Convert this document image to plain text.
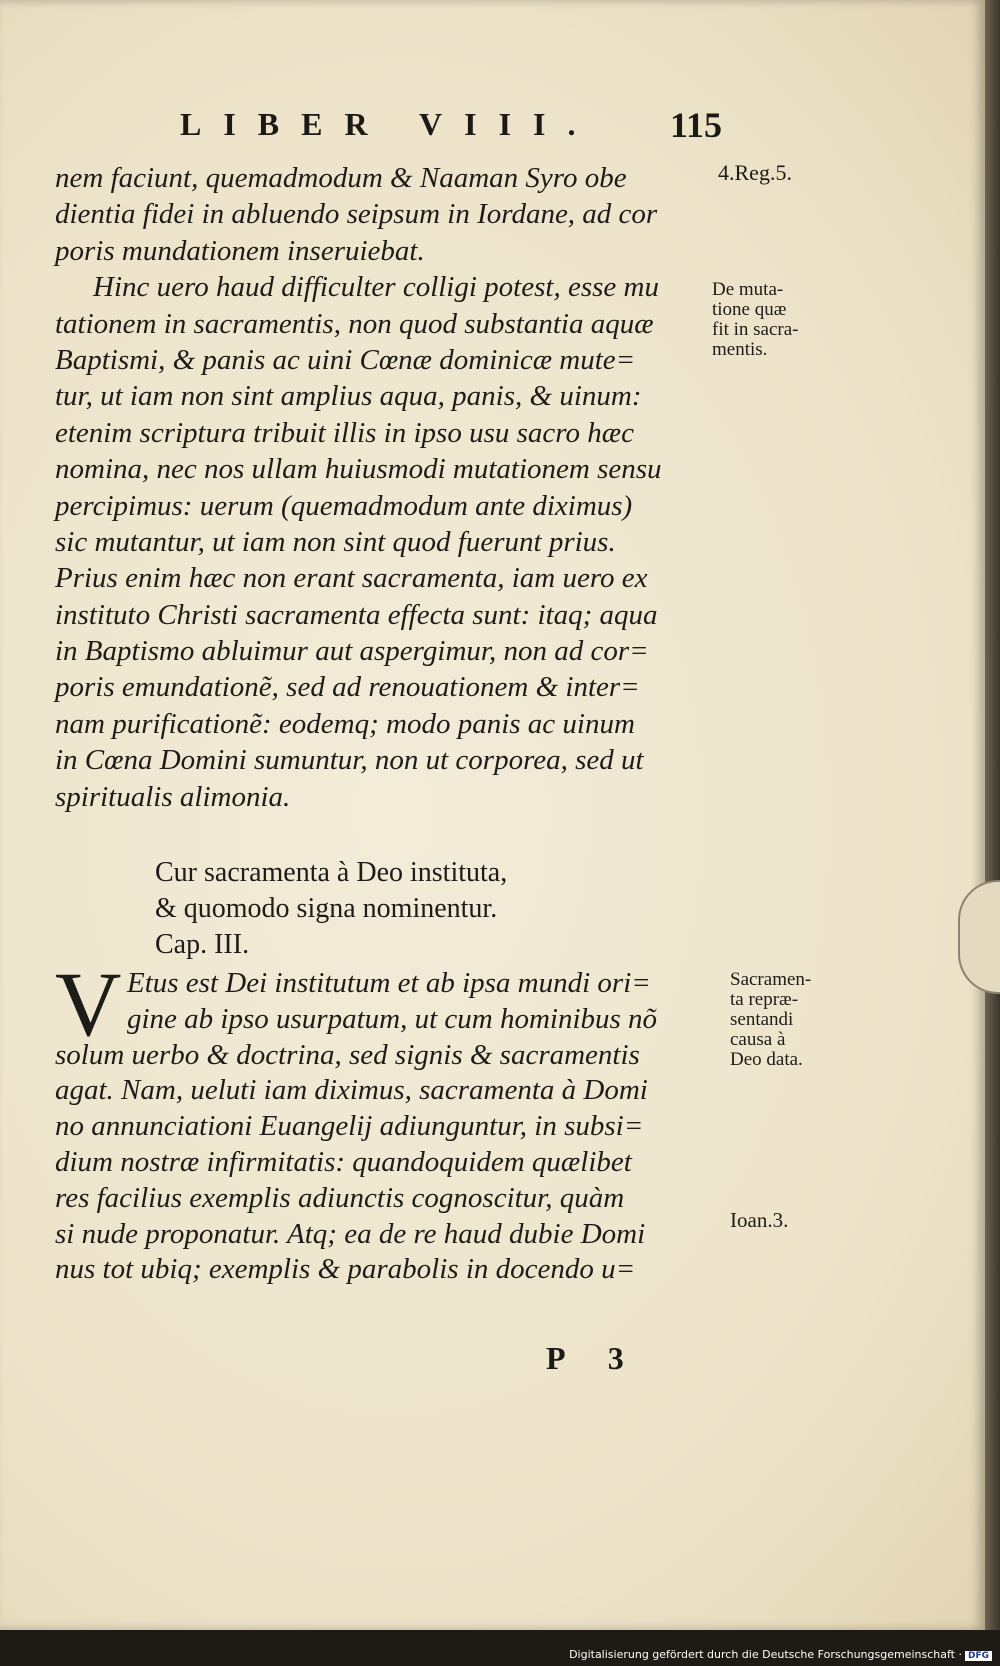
LIBER VIII. 115
nem faciunt, quemadmodum & Naaman Syro obe
dientia fidei in abluendo seipsum in Iordane, ad cor
poris mundationem inseruiebat.
Hinc uero haud difficulter colligi potest, esse mu
tationem in sacramentis, non quod substantia aquæ
Baptismi, & panis ac uini Cœnæ dominicæ mute=
tur, ut iam non sint amplius aqua, panis, & uinum:
etenim scriptura tribuit illis in ipso usu sacro hæc
nomina, nec nos ullam huiusmodi mutationem sensu
percipimus: uerum (quemadmodum ante diximus)
sic mutantur, ut iam non sint quod fuerunt prius.
Prius enim hæc non erant sacramenta, iam uero ex
instituto Christi sacramenta effecta sunt: itaq; aqua
in Baptismo abluimur aut aspergimur, non ad cor=
poris emundationẽ, sed ad renouationem & inter=
nam purificationẽ: eodemq; modo panis ac uinum
in Cœna Domini sumuntur, non ut corporea, sed ut
spiritualis alimonia.
Cur sacramenta à Deo instituta,
& quomodo signa nominentur.
Cap. III.
V Etus est Dei institutum et ab ipsa mundi ori=
gine ab ipso usurpatum, ut cum hominibus nõ
solum uerbo & doctrina, sed signis & sacramentis
agat. Nam, ueluti iam diximus, sacramenta à Domi
no annunciationi Euangelij adiunguntur, in subsi=
dium nostræ infirmitatis: quandoquidem quælibet
res facilius exemplis adiunctis cognoscitur, quàm
si nude proponatur. Atq; ea de re haud dubie Domi
nus tot ubiq; exemplis & parabolis in docendo u=
4.Reg.5.
De muta-
tione quæ
fit in sacra-
mentis.
Sacramen-
ta repræ-
sentandi
causa à
Deo data.
Ioan.3.
P 3
Digitalisierung gefördert durch die Deutsche Forschungsgemeinschaft · DFG
